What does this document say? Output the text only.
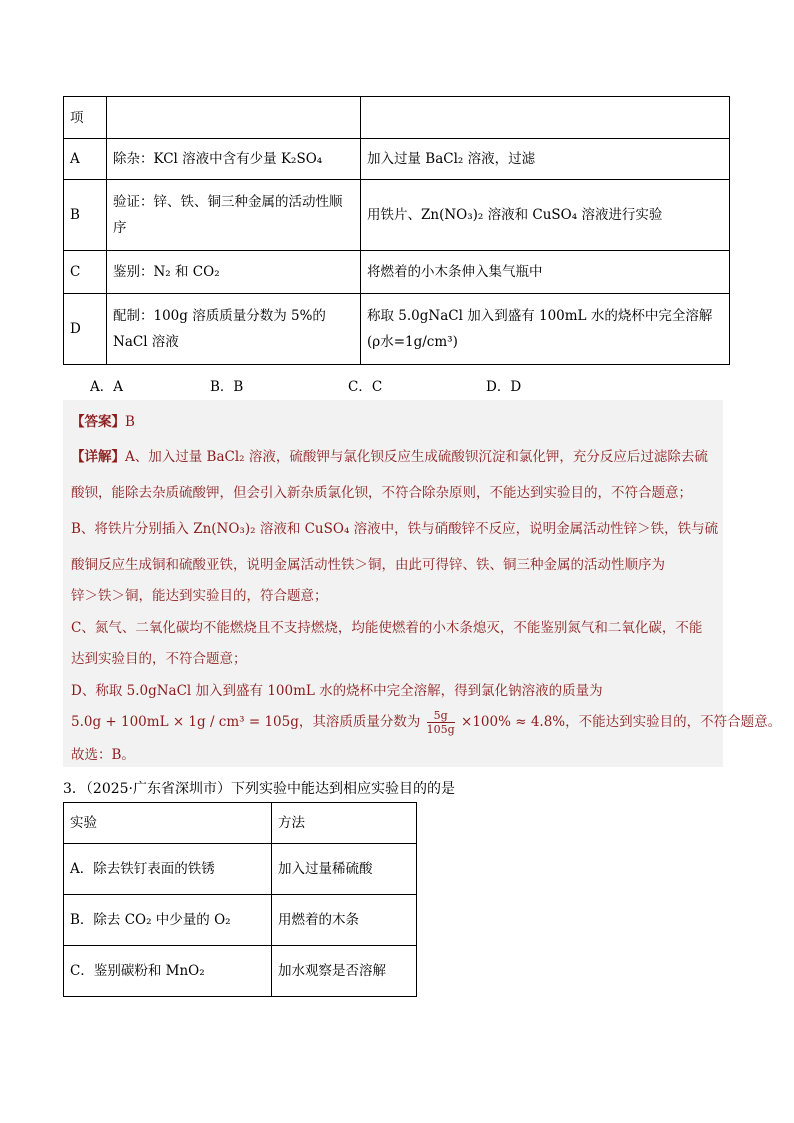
项		
A	除杂：KCl 溶液中含有少量 K₂SO₄	加入过量 BaCl₂ 溶液，过滤
B	验证：锌、铁、铜三种金属的活动性顺序	用铁片、Zn(NO₃)₂ 溶液和 CuSO₄ 溶液进行实验
C	鉴别：N₂ 和 CO₂	将燃着的小木条伸入集气瓶中
D	配制：100g 溶质质量分数为 5%的 NaCl 溶液	称取 5.0gNaCl 加入到盛有 100mL 水的烧杯中完全溶解(ρ水=1g/cm³)
A．A	B．B	C．C	D．D
【答案】B
【详解】A、加入过量 BaCl₂ 溶液，硫酸钾与氯化钡反应生成硫酸钡沉淀和氯化钾，充分反应后过滤除去硫
酸钡，能除去杂质硫酸钾，但会引入新杂质氯化钡，不符合除杂原则，不能达到实验目的，不符合题意；
B、将铁片分别插入 Zn(NO₃)₂ 溶液和 CuSO₄ 溶液中，铁与硝酸锌不反应，说明金属活动性锌＞铁，铁与硫
酸铜反应生成铜和硫酸亚铁，说明金属活动性铁＞铜，由此可得锌、铁、铜三种金属的活动性顺序为
锌＞铁＞铜，能达到实验目的，符合题意；
C、氮气、二氧化碳均不能燃烧且不支持燃烧，均能使燃着的小木条熄灭，不能鉴别氮气和二氧化碳，不能
达到实验目的，不符合题意；
D、称取 5.0gNaCl 加入到盛有 100mL 水的烧杯中完全溶解，得到氯化钠溶液的质量为
5.0g + 100mL × 1g / cm³ = 105g，其溶质质量分数为 $\frac{5g}{105g} \times 100\% \approx 4.8\%$，不能达到实验目的，不符合题意。
故选：B。
3．（2025·广东省深圳市）下列实验中能达到相应实验目的的是
实验	方法
A．除去铁钉表面的铁锈	加入过量稀硫酸
B．除去 CO₂ 中少量的 O₂	用燃着的木条
C．鉴别碳粉和 MnO₂	加水观察是否溶解
